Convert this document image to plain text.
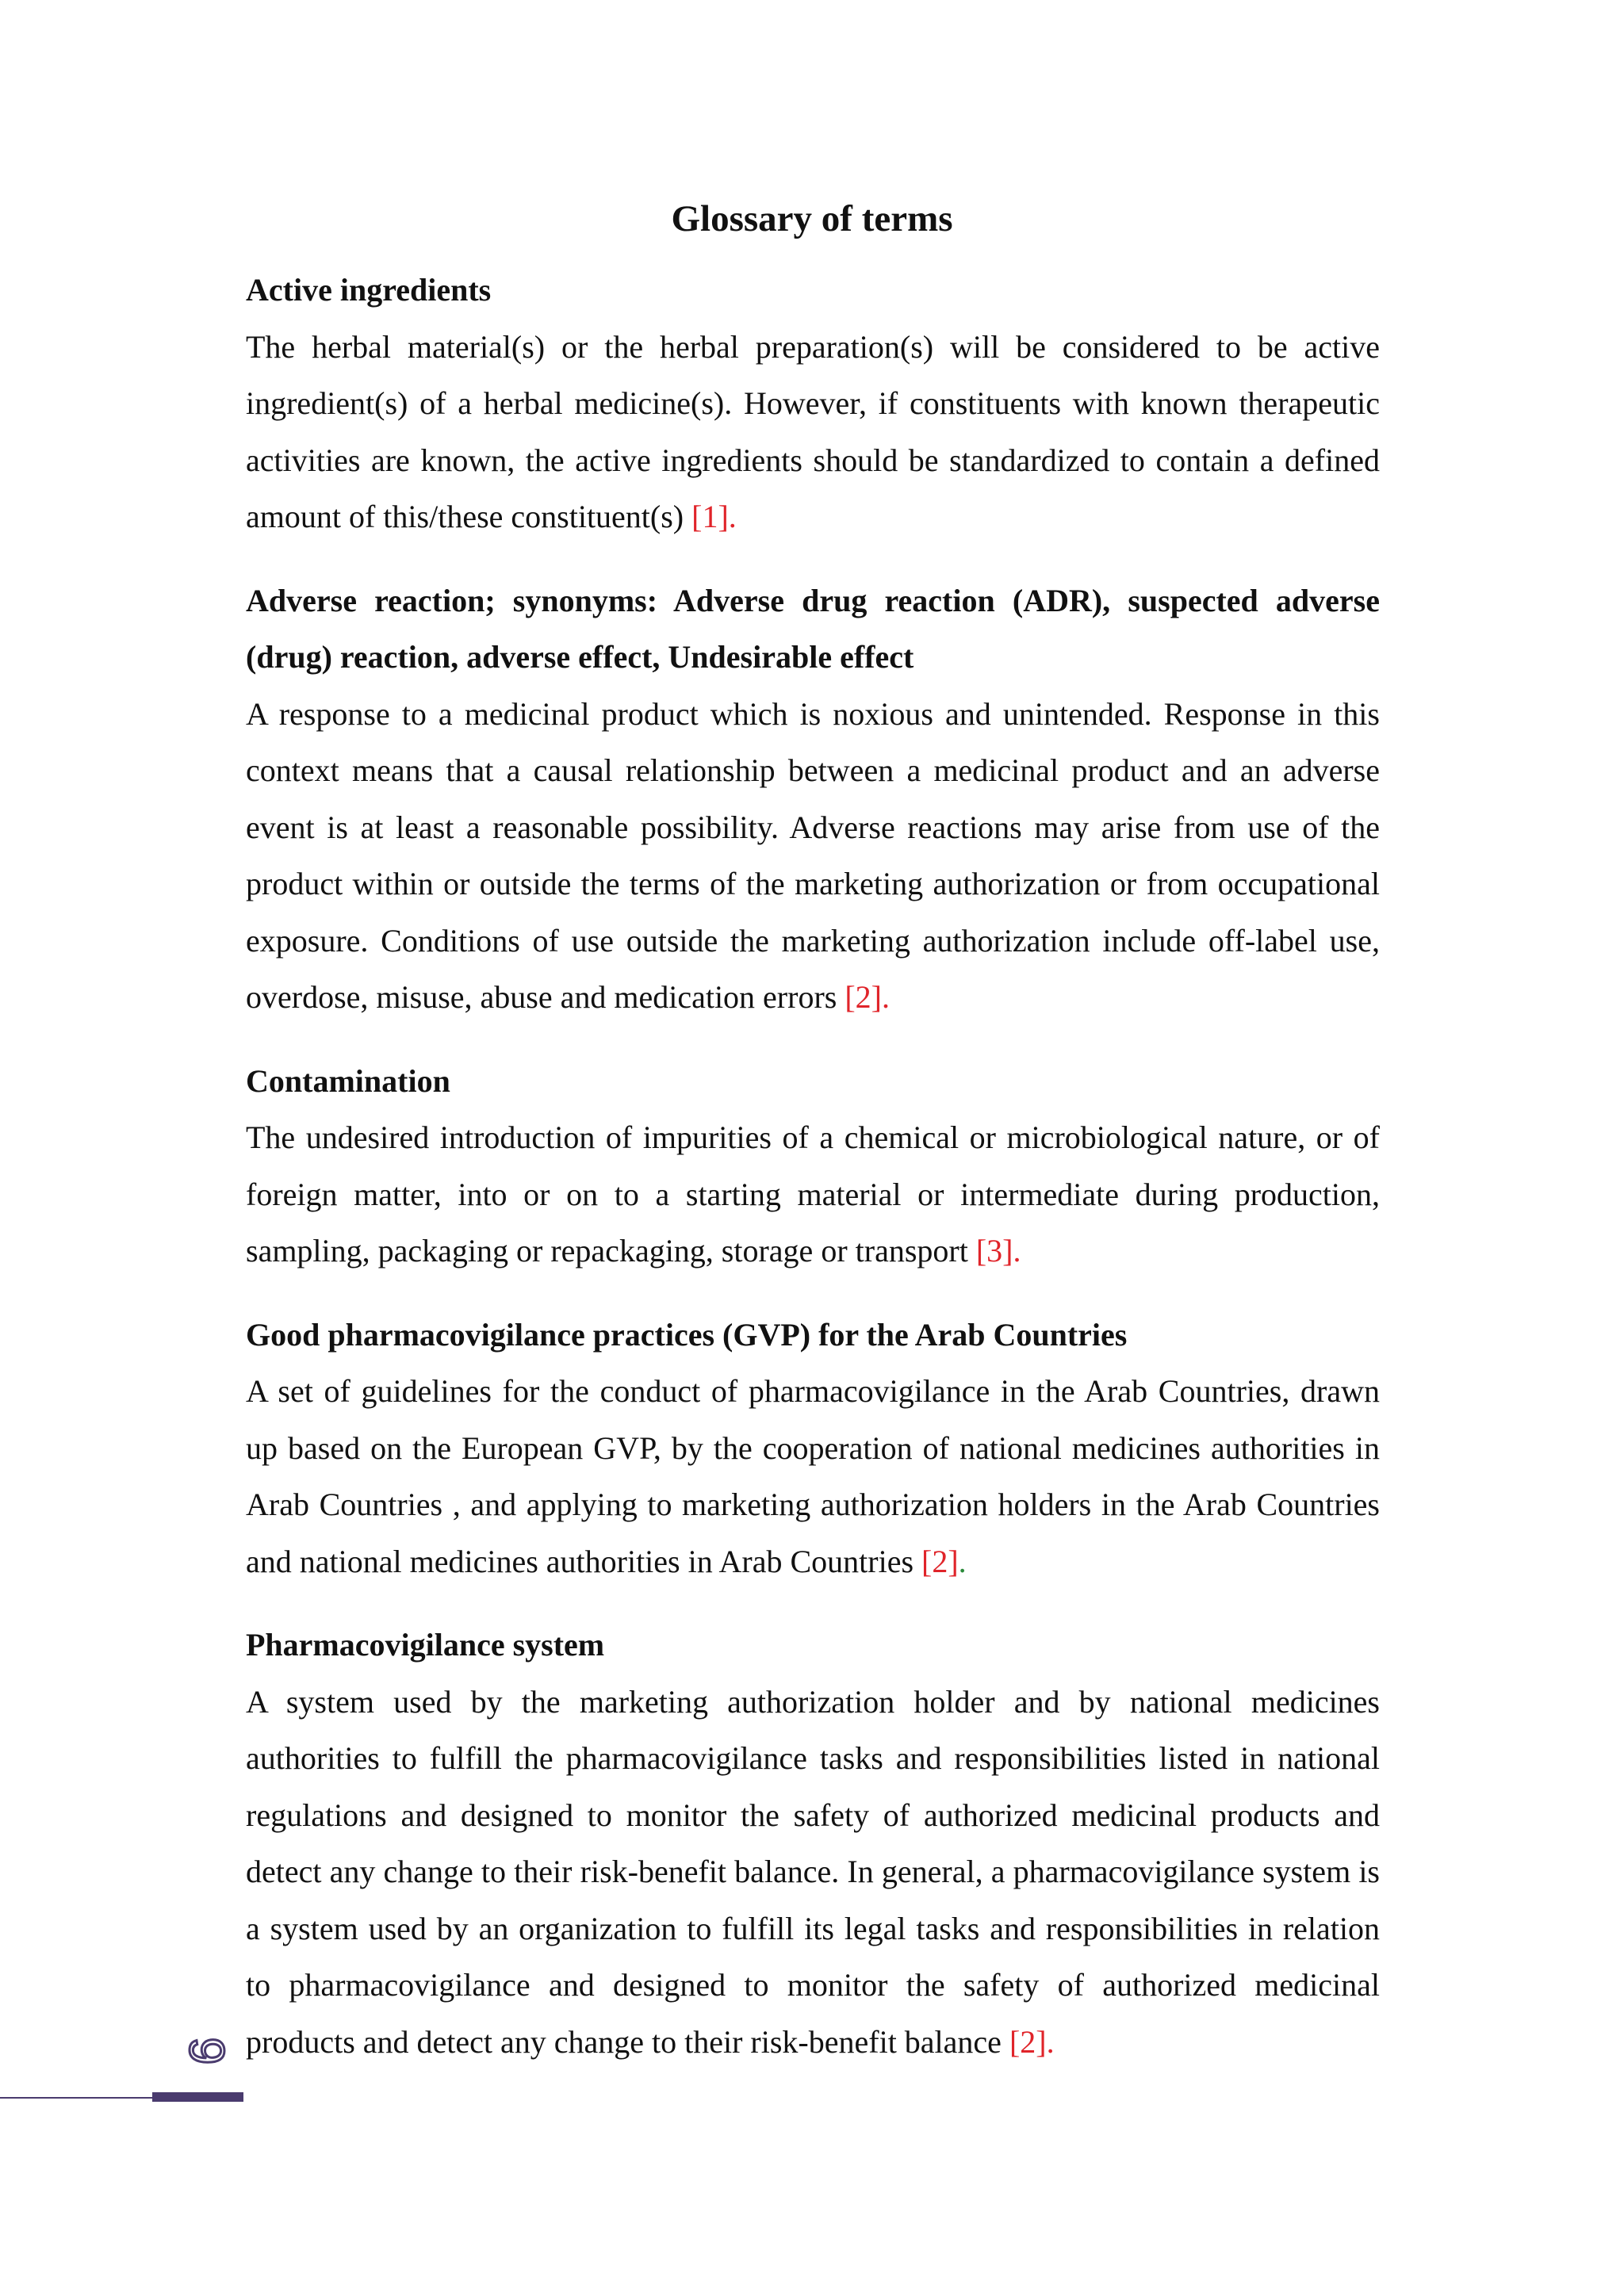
Glossary of terms

Active ingredients

The herbal material(s) or the herbal preparation(s) will be considered to be active ingredient(s) of a herbal medicine(s). However, if constituents with known therapeutic activities are known, the active ingredients should be standardized to contain a defined amount of this/these constituent(s) [1].

Adverse reaction; synonyms: Adverse drug reaction (ADR), suspected adverse (drug) reaction, adverse effect, Undesirable effect

A response to a medicinal product which is noxious and unintended. Response in this context means that a causal relationship between a medicinal product and an adverse event is at least a reasonable possibility. Adverse reactions may arise from use of the product within or outside the terms of the marketing authorization or from occupational exposure. Conditions of use outside the marketing authorization include off-label use, overdose, misuse, abuse and medication errors [2].

Contamination

The undesired introduction of impurities of a chemical or microbiological nature, or of foreign matter, into or on to a starting material or intermediate during production, sampling, packaging or repackaging, storage or transport [3].

Good pharmacovigilance practices (GVP) for the Arab Countries

A set of guidelines for the conduct of pharmacovigilance in the Arab Countries, drawn up based on the European GVP, by the cooperation of national medicines authorities in Arab Countries , and applying to marketing authorization holders in the Arab Countries and national medicines authorities in Arab Countries [2].

Pharmacovigilance system

A system used by the marketing authorization holder and by national medicines authorities to fulfill the pharmacovigilance tasks and responsibilities listed in national regulations and designed to monitor the safety of authorized medicinal products and detect any change to their risk-benefit balance. In general, a pharmacovigilance system is a system used by an organization to fulfill its legal tasks and responsibilities in relation to pharmacovigilance and designed to monitor the safety of authorized medicinal products and detect any change to their risk-benefit balance [2].

9
